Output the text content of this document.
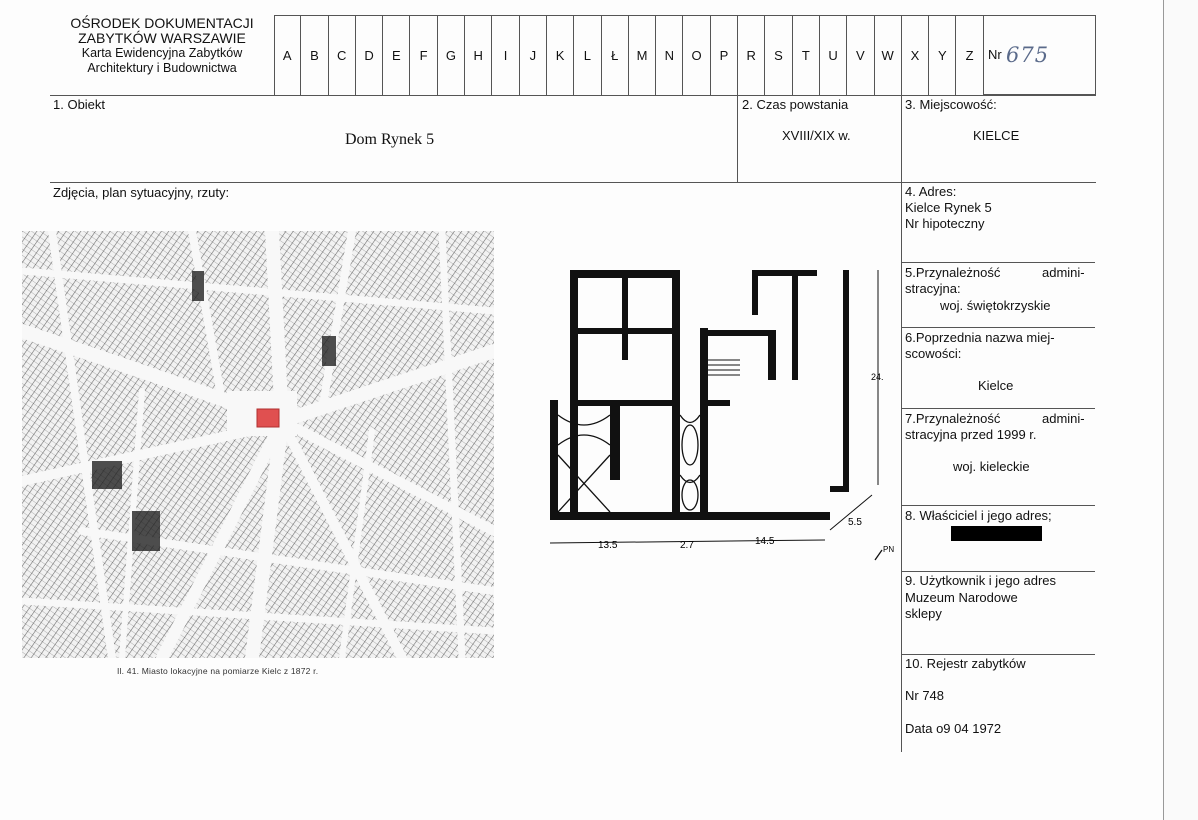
OŚRODEK DOKUMENTACJI
ZABYTKÓW WARSZAWIE
Karta Ewidencyjna Zabytków
Architektury i Budownictwa
A	B	C	D	E	F	G	H	I	J	K	L	Ł	M	N	O	P	R	S	T	U	V	W	X	Y	Z	Nr 675
1. Obiekt
Dom Rynek 5
2. Czas powstania
XVIII/XIX w.
3. Miejscowość:
KIELCE
Zdjęcia, plan sytuacyjny, rzuty:	4. Adres:
Kielce Rynek 5
Nr hipoteczny
5.Przynależność	admini-
stracyjna:
woj. świętokrzyskie
6.Poprzednia nazwa miej-
scowości:
Kielce
7.Przynależność	admini-
stracyjna przed 1999 r.
woj. kieleckie
8. Właściciel i jego adres;
9. Użytkownik i jego adres
Muzeum Narodowe
sklepy
10. Rejestr zabytków
Nr 748
Data o9 04 1972
Il. 41. Miasto lokacyjne na pomiarze Kielc z 1872 r.
13.5	2.7	14.5
5.5
24.
PN
